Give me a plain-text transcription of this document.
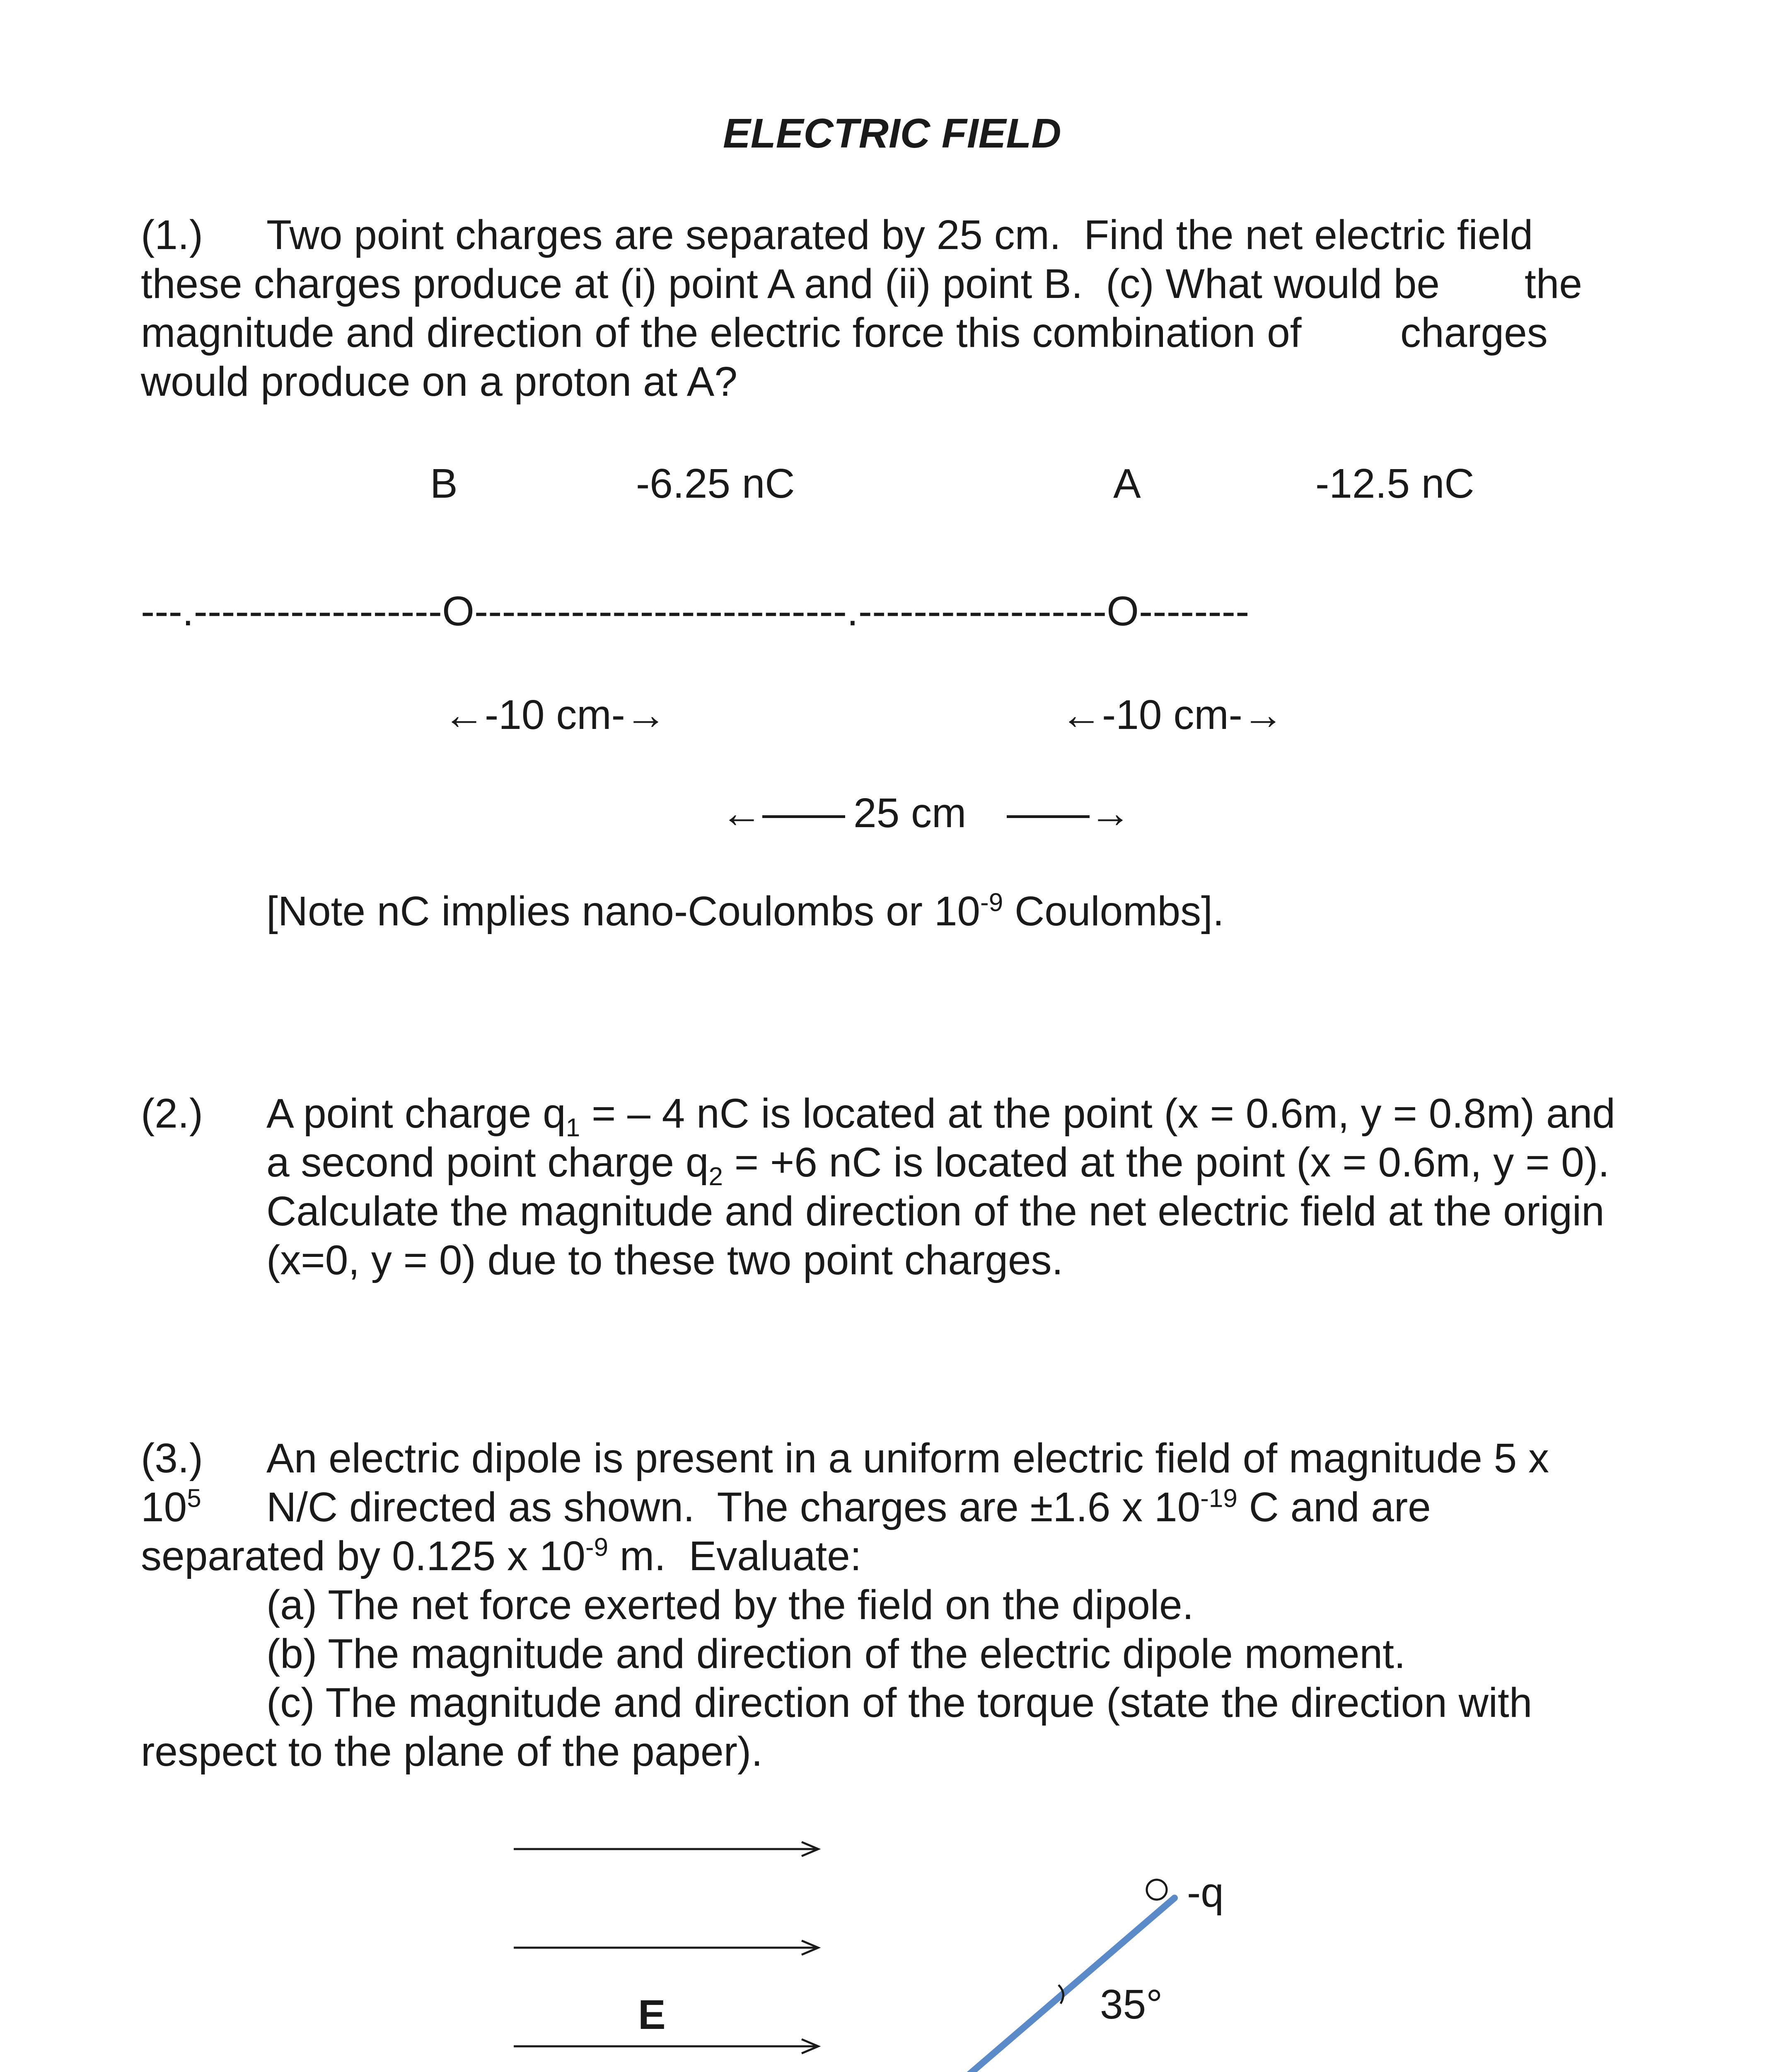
ELECTRIC FIELD
(1.) Two point charges are separated by 25 cm.  Find the net electric field
these charges produce at (i) point A and (ii) point B.  (c) What would be the
magnitude and direction of the electric force this combination of charges
would produce on a proton at A?
B	-6.25 nC	A	-12.5 nC
---.------------------O---------------------------.------------------O--------
←-10 cm-→	←-10 cm-→
←—— 25 cm ——→
[Note nC implies nano-Coulombs or $10^{-9}$ Coulombs].
(2.) A point charge $q_1$ = – 4 nC is located at the point (x = 0.6m, y = 0.8m) and
a second point charge $q_2 = +6$ nC is located at the point (x = 0.6m, y = 0).
Calculate the magnitude and direction of the net electric field at the origin
(x=0, y = 0) due to these two point charges.
(3.) An electric dipole is present in a uniform electric field of magnitude 5 x
$10^5$ N/C directed as shown.  The charges are ±1.6 x $10^{-19}$ C and are
separated by 0.125 x $10^{-9}$ m.  Evaluate:
(a) The net force exerted by the field on the dipole.
(b) The magnitude and direction of the electric dipole moment.
(c) The magnitude and direction of the torque (state the direction with
respect to the plane of the paper).
E
-q
35°
